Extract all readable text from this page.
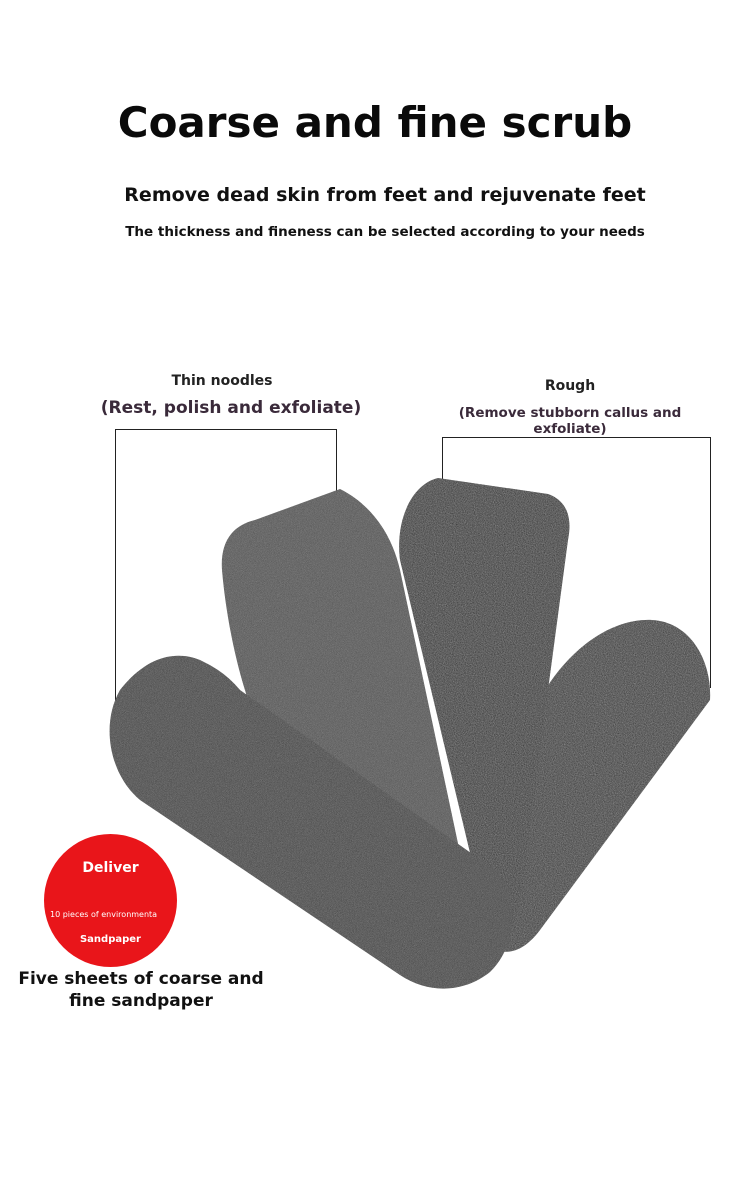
Coarse and fine scrub
Remove dead skin from feet and rejuvenate feet
The thickness and fineness can be selected according to your needs
Thin noodles
(Rest, polish and exfoliate)
Rough
(Remove stubborn callus and exfoliate)
Deliver
10 pieces of environmenta
Sandpaper
Five sheets of coarse and fine sandpaper
